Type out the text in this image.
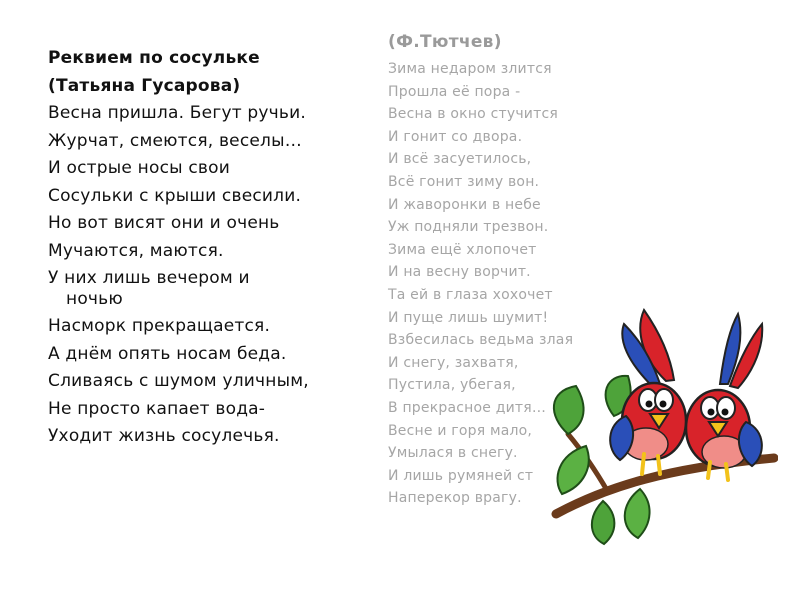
Реквием по сосульке
(Татьяна Гусарова)
Весна пришла. Бегут ручьи.
Журчат, смеются, веселы…
И острые носы свои
Сосульки с крыши свесили.
Но вот висят они и очень
Мучаются, маются.
У них лишь вечером и
ночью
Насморк прекращается.
А днём опять носам беда.
Сливаясь с шумом уличным,
Не просто капает вода-
Уходит жизнь сосулечья.
(Ф.Тютчев)
Зима недаром злится
Прошла её пора -
Весна в окно стучится
И гонит со двора.
И всё засуетилось,
Всё гонит зиму вон.
И жаворонки в небе
Уж подняли трезвон.
Зима ещё хлопочет
И на весну ворчит.
Та ей в глаза хохочет
И пуще лишь шумит!
Взбесилась ведьма злая
И снегу, захватя,
Пустила, убегая,
В прекрасное дитя…
Весне и горя мало,
Умылася в снегу.
И лишь румяней ст
Наперекор врагу.
